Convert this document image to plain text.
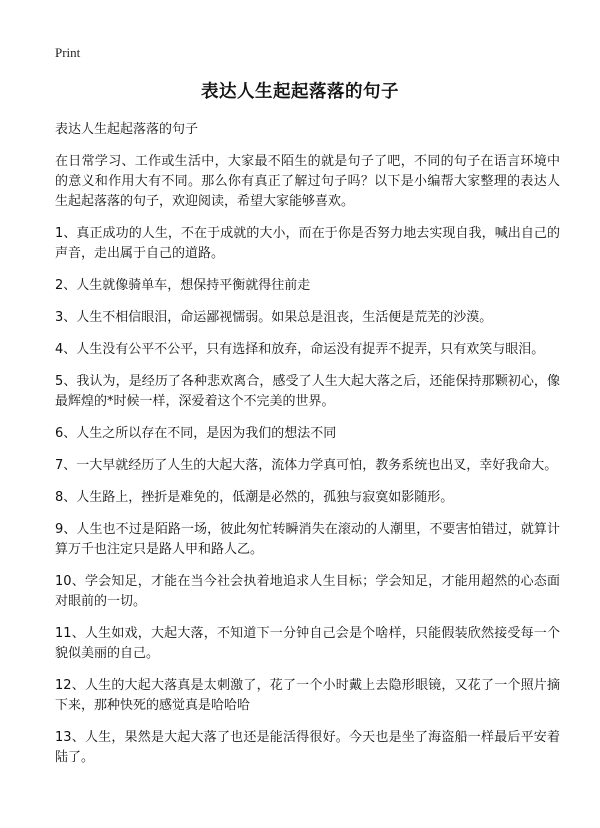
Print
表达人生起起落落的句子

表达人生起起落落的句子

在日常学习、工作或生活中，大家最不陌生的就是句子了吧，不同的句子在语言环境中的意义和作用大有不同。那么你有真正了解过句子吗？以下是小编帮大家整理的表达人生起起落落的句子，欢迎阅读，希望大家能够喜欢。

1、真正成功的人生，不在于成就的大小，而在于你是否努力地去实现自我，喊出自己的声音，走出属于自己的道路。

2、人生就像骑单车，想保持平衡就得往前走

3、人生不相信眼泪，命运鄙视懦弱。如果总是沮丧，生活便是荒芜的沙漠。

4、人生没有公平不公平，只有选择和放弃，命运没有捉弄不捉弄，只有欢笑与眼泪。

5、我认为，是经历了各种悲欢离合，感受了人生大起大落之后，还能保持那颗初心，像最辉煌的*时候一样，深爱着这个不完美的世界。

6、人生之所以存在不同，是因为我们的想法不同

7、一大早就经历了人生的大起大落，流体力学真可怕，教务系统也出叉，幸好我命大。

8、人生路上，挫折是难免的，低潮是必然的，孤独与寂寞如影随形。

9、人生也不过是陌路一场，彼此匆忙转瞬消失在滚动的人潮里，不要害怕错过，就算计算万千也注定只是路人甲和路人乙。

10、学会知足，才能在当今社会执着地追求人生目标；学会知足，才能用超然的心态面对眼前的一切。

11、人生如戏，大起大落，不知道下一分钟自己会是个啥样，只能假装欣然接受每一个貌似美丽的自己。

12、人生的大起大落真是太刺激了，花了一个小时戴上去隐形眼镜，又花了一个照片摘下来，那种快死的感觉真是哈哈哈

13、人生，果然是大起大落了也还是能活得很好。今天也是坐了海盗船一样最后平安着陆了。
